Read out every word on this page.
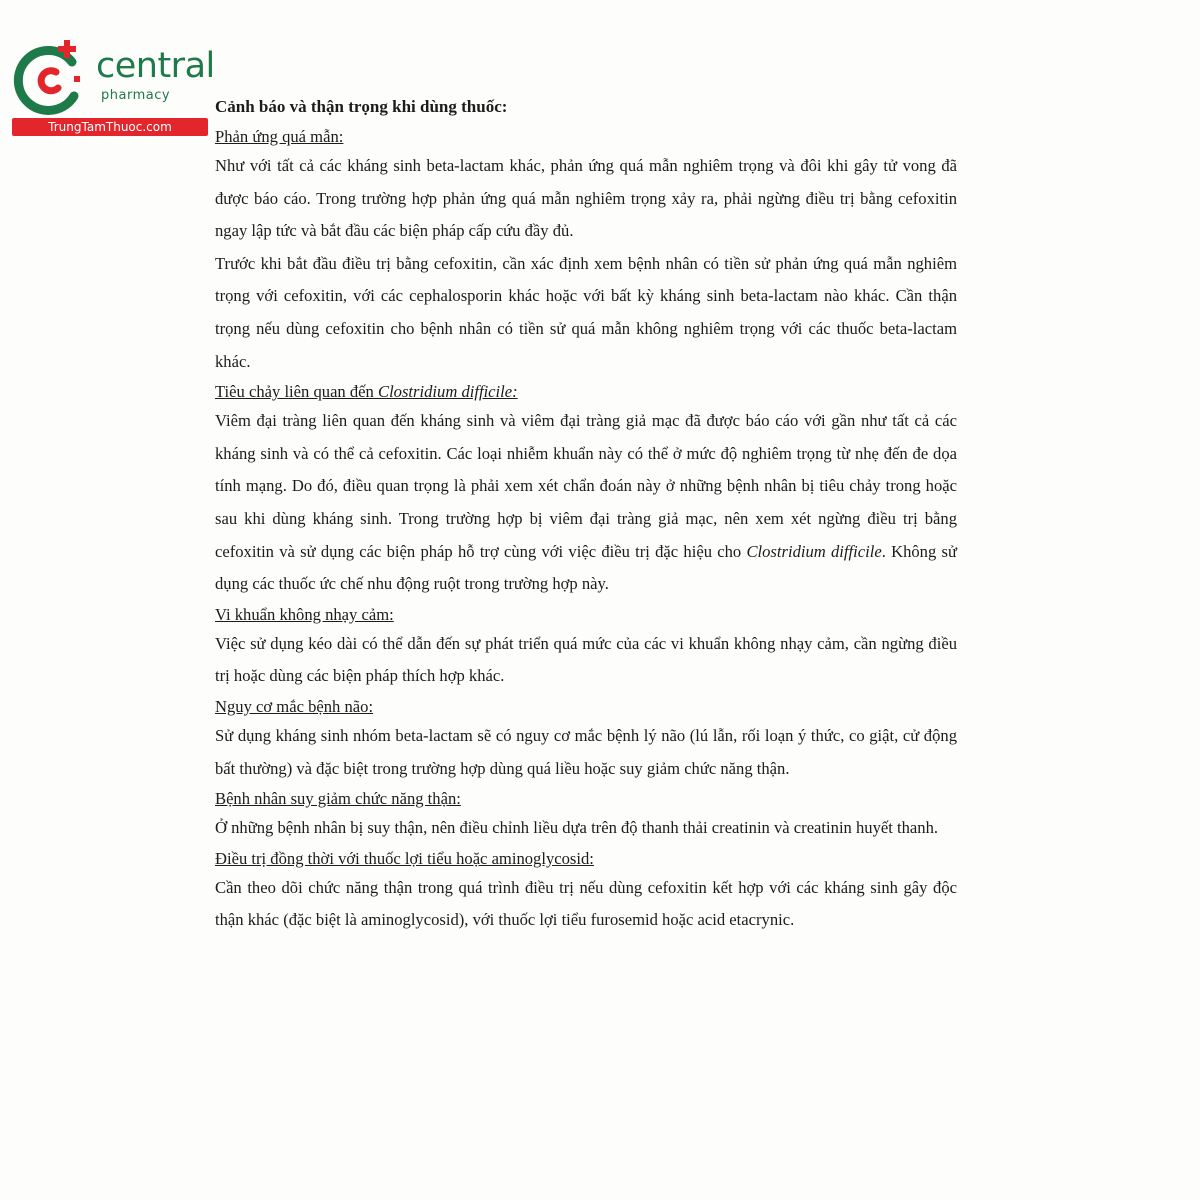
central
pharmacy
TrungTamThuoc.com

Cảnh báo và thận trọng khi dùng thuốc:

Phản ứng quá mẫn:

Như với tất cả các kháng sinh beta-lactam khác, phản ứng quá mẫn nghiêm trọng và đôi khi gây tử vong đã được báo cáo. Trong trường hợp phản ứng quá mẫn nghiêm trọng xảy ra, phải ngừng điều trị bằng cefoxitin ngay lập tức và bắt đầu các biện pháp cấp cứu đầy đủ.

Trước khi bắt đầu điều trị bằng cefoxitin, cần xác định xem bệnh nhân có tiền sử phản ứng quá mẫn nghiêm trọng với cefoxitin, với các cephalosporin khác hoặc với bất kỳ kháng sinh beta-lactam nào khác. Cần thận trọng nếu dùng cefoxitin cho bệnh nhân có tiền sử quá mẫn không nghiêm trọng với các thuốc beta-lactam khác.

Tiêu chảy liên quan đến Clostridium difficile:

Viêm đại tràng liên quan đến kháng sinh và viêm đại tràng giả mạc đã được báo cáo với gần như tất cả các kháng sinh và có thể cả cefoxitin. Các loại nhiễm khuẩn này có thể ở mức độ nghiêm trọng từ nhẹ đến đe dọa tính mạng. Do đó, điều quan trọng là phải xem xét chẩn đoán này ở những bệnh nhân bị tiêu chảy trong hoặc sau khi dùng kháng sinh. Trong trường hợp bị viêm đại tràng giả mạc, nên xem xét ngừng điều trị bằng cefoxitin và sử dụng các biện pháp hỗ trợ cùng với việc điều trị đặc hiệu cho Clostridium difficile. Không sử dụng các thuốc ức chế nhu động ruột trong trường hợp này.

Vi khuẩn không nhạy cảm:

Việc sử dụng kéo dài có thể dẫn đến sự phát triển quá mức của các vi khuẩn không nhạy cảm, cần ngừng điều trị hoặc dùng các biện pháp thích hợp khác.

Nguy cơ mắc bệnh não:

Sử dụng kháng sinh nhóm beta-lactam sẽ có nguy cơ mắc bệnh lý não (lú lẫn, rối loạn ý thức, co giật, cử động bất thường) và đặc biệt trong trường hợp dùng quá liều hoặc suy giảm chức năng thận.

Bệnh nhân suy giảm chức năng thận:

Ở những bệnh nhân bị suy thận, nên điều chỉnh liều dựa trên độ thanh thải creatinin và creatinin huyết thanh.

Điều trị đồng thời với thuốc lợi tiểu hoặc aminoglycosid:

Cần theo dõi chức năng thận trong quá trình điều trị nếu dùng cefoxitin kết hợp với các kháng sinh gây độc thận khác (đặc biệt là aminoglycosid), với thuốc lợi tiểu furosemid hoặc acid etacrynic.
